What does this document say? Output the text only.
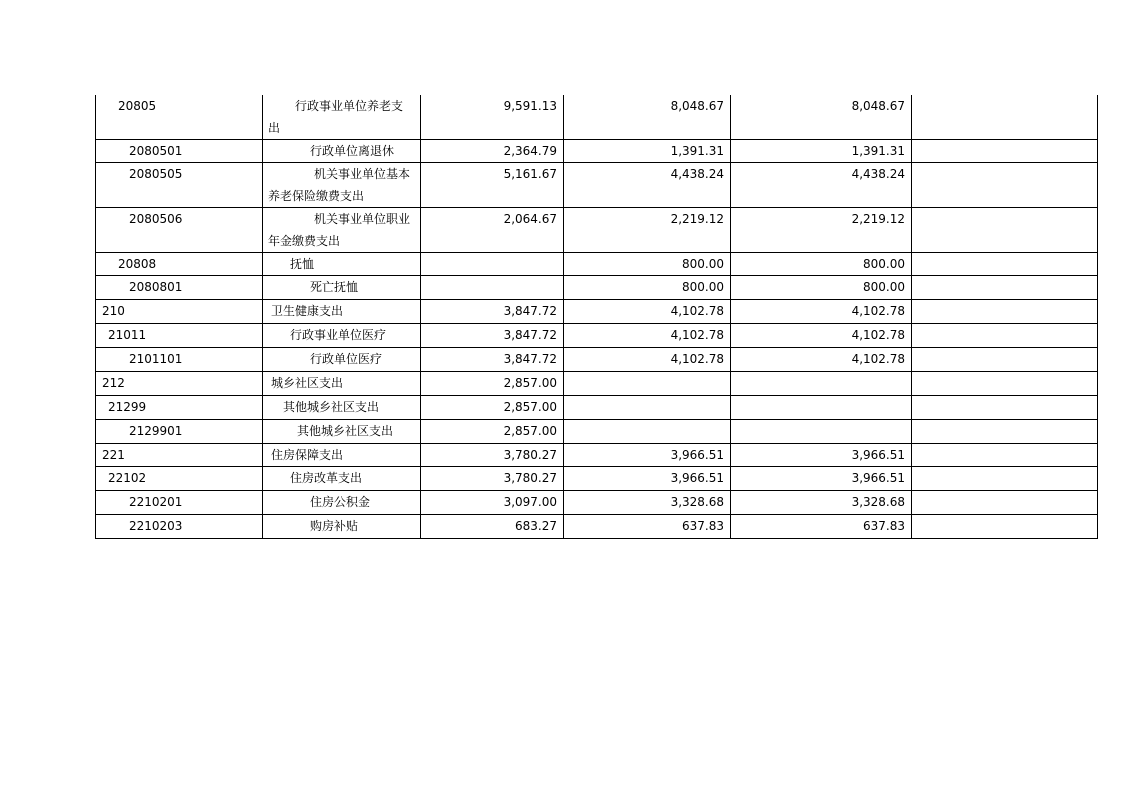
20805	行政事业单位养老支出	9,591.13	8,048.67	8,048.67	

2080501	行政单位离退休	2,364.79	1,391.31	1,391.31	

2080505	机关事业单位基本养老保险缴费支出	5,161.67	4,438.24	4,438.24	

2080506	机关事业单位职业年金缴费支出	2,064.67	2,219.12	2,219.12	

20808	抚恤		800.00	800.00	

2080801	死亡抚恤		800.00	800.00	

210	卫生健康支出	3,847.72	4,102.78	4,102.78	

21011	行政事业单位医疗	3,847.72	4,102.78	4,102.78	

2101101	行政单位医疗	3,847.72	4,102.78	4,102.78	

212	城乡社区支出	2,857.00			

21299	其他城乡社区支出	2,857.00			

2129901	其他城乡社区支出	2,857.00			

221	住房保障支出	3,780.27	3,966.51	3,966.51	

22102	住房改革支出	3,780.27	3,966.51	3,966.51	

2210201	住房公积金	3,097.00	3,328.68	3,328.68	

2210203	购房补贴	683.27	637.83	637.83	
